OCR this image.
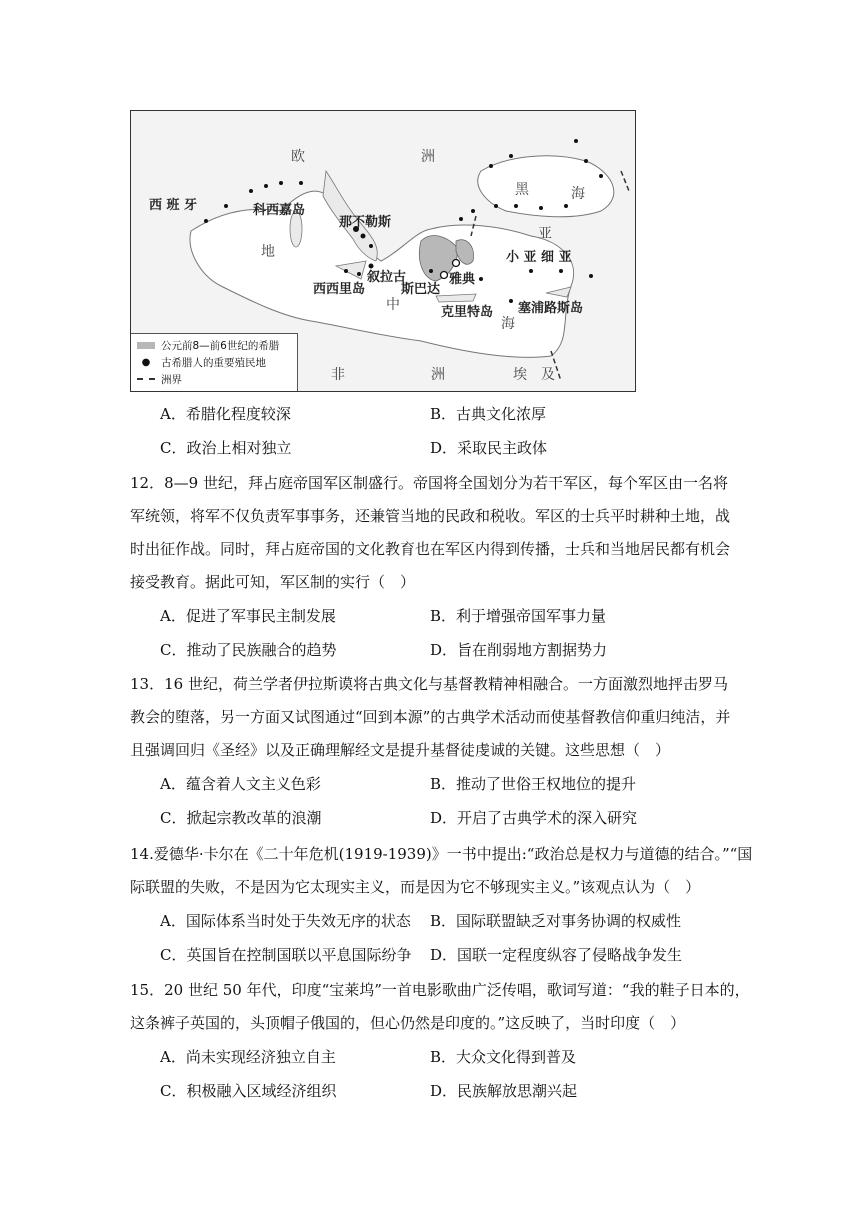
欧	洲
西 班 牙	科西嘉岛
那不勒斯
黑	海
亚
小 亚 细 亚
地
叙拉古	雅典
西西里岛	斯巴达
中	克里特岛 塞浦路斯岛
海
非	洲	埃 及
公元前8—前6世纪的希腊
●	古希腊人的重要殖民地
洲界
A．希腊化程度较深	B．古典文化浓厚
C．政治上相对独立	D．采取民主政体
12．8—9 世纪，拜占庭帝国军区制盛行。帝国将全国划分为若干军区，每个军区由一名将
军统领，将军不仅负责军事事务，还兼管当地的民政和税收。军区的士兵平时耕种土地，战
时出征作战。同时，拜占庭帝国的文化教育也在军区内得到传播，士兵和当地居民都有机会
接受教育。据此可知，军区制的实行（　）
A．促进了军事民主制发展	B．利于增强帝国军事力量
C．推动了民族融合的趋势	D．旨在削弱地方割据势力
13．16 世纪，荷兰学者伊拉斯谟将古典文化与基督教精神相融合。一方面激烈地抨击罗马
教会的堕落，另一方面又试图通过“回到本源”的古典学术活动而使基督教信仰重归纯洁，并
且强调回归《圣经》以及正确理解经文是提升基督徒虔诚的关键。这些思想（　）
A．蕴含着人文主义色彩	B．推动了世俗王权地位的提升
C．掀起宗教改革的浪潮	D．开启了古典学术的深入研究
14.爱德华·卡尔在《二十年危机(1919-1939)》一书中提出:“政治总是权力与道德的结合。”“国
际联盟的失败，不是因为它太现实主义，而是因为它不够现实主义。”该观点认为（　）
A．国际体系当时处于失效无序的状态 B．国际联盟缺乏对事务协调的权威性
C．英国旨在控制国联以平息国际纷争 D．国联一定程度纵容了侵略战争发生
15．20 世纪 50 年代，印度“宝莱坞”一首电影歌曲广泛传唱，歌词写道：“我的鞋子日本的，
这条裤子英国的，头顶帽子俄国的，但心仍然是印度的。”这反映了，当时印度（　）
A．尚未实现经济独立自主	B．大众文化得到普及
C．积极融入区域经济组织	D．民族解放思潮兴起
